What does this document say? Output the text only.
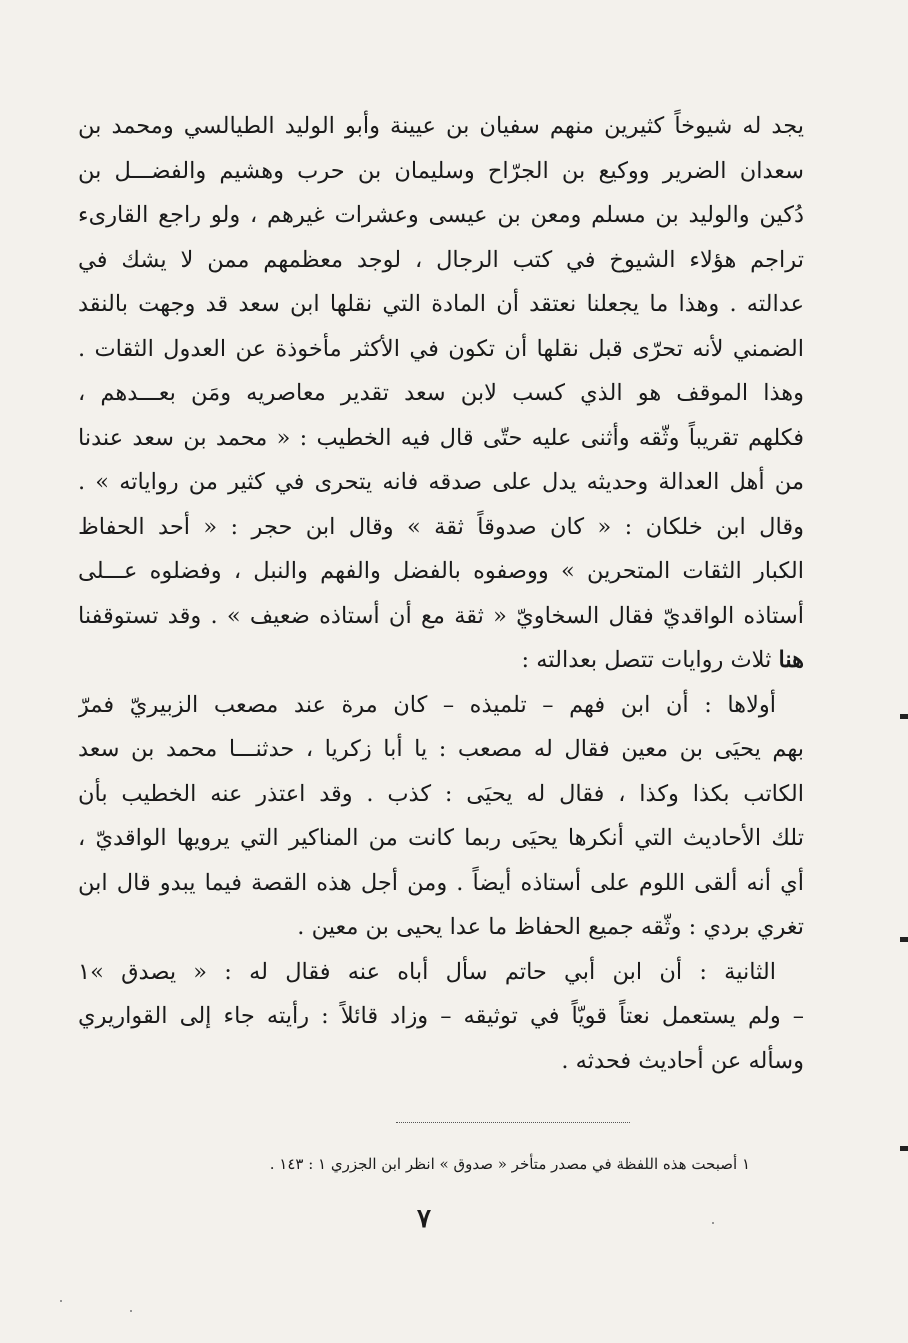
يجد له شيوخاً كثيرين منهم سفيان بن عيينة وأبو الوليد الطيالسي ومحمد بن
سعدان الضرير ووكيع بن الجرّاح وسليمان بن حرب وهشيم والفضـــل بن
دُكين والوليد بن مسلم ومعن بن عيسى وعشرات غيرهم ، ولو راجع القارىء
تراجم هؤلاء الشيوخ في كتب الرجال ، لوجد معظمهم ممن لا يشك في
عدالته . وهذا ما يجعلنا نعتقد أن المادة التي نقلها ابن سعد قد وجهت بالنقد
الضمني لأنه تحرّى قبل نقلها أن تكون في الأكثر مأخوذة عن العدول الثقات .
وهذا الموقف هو الذي كسب لابن سعد تقدير معاصريه ومَن بعـــدهم ،
فكلهم تقريباً وثّقه وأثنى عليه حتّى قال فيه الخطيب : « محمد بن سعد عندنا
من أهل العدالة وحديثه يدل على صدقه فانه يتحرى في كثير من رواياته » .
وقال ابن خلكان : « كان صدوقاً ثقة » وقال ابن حجر : « أحد الحفاظ
الكبار الثقات المتحرين » ووصفوه بالفضل والفهم والنبل ، وفضلوه عـــلى
أستاذه الواقديّ فقال السخاويّ « ثقة مع أن أستاذه ضعيف » . وقد تستوقفنا
هنا ثلاث روايات تتصل بعدالته :
أولاها : أن ابن فهم – تلميذه – كان مرة عند مصعب الزبيريّ فمرّ
بهم يحيَى بن معين فقال له مصعب : يا أبا زكريا ، حدثنـــا محمد بن سعد
الكاتب بكذا وكذا ، فقال له يحيَى : كذب . وقد اعتذر عنه الخطيب بأن
تلك الأحاديث التي أنكرها يحيَى ربما كانت من المناكير التي يرويها الواقديّ ،
أي أنه ألقى اللوم على أستاذه أيضاً . ومن أجل هذه القصة فيما يبدو قال ابن
تغري بردي : وثّقه جميع الحفاظ ما عدا يحيى بن معين .
الثانية : أن ابن أبي حاتم سأل أباه عنه فقال له : « يصدق »١
– ولم يستعمل نعتاً قويّاً في توثيقه – وزاد قائلاً : رأيته جاء إلى القواريري
وسأله عن أحاديث فحدثه .
١ أصبحت هذه اللفظة في مصدر متأخر « صدوق » انظر ابن الجزري ١ : ١٤٣ .
٧
